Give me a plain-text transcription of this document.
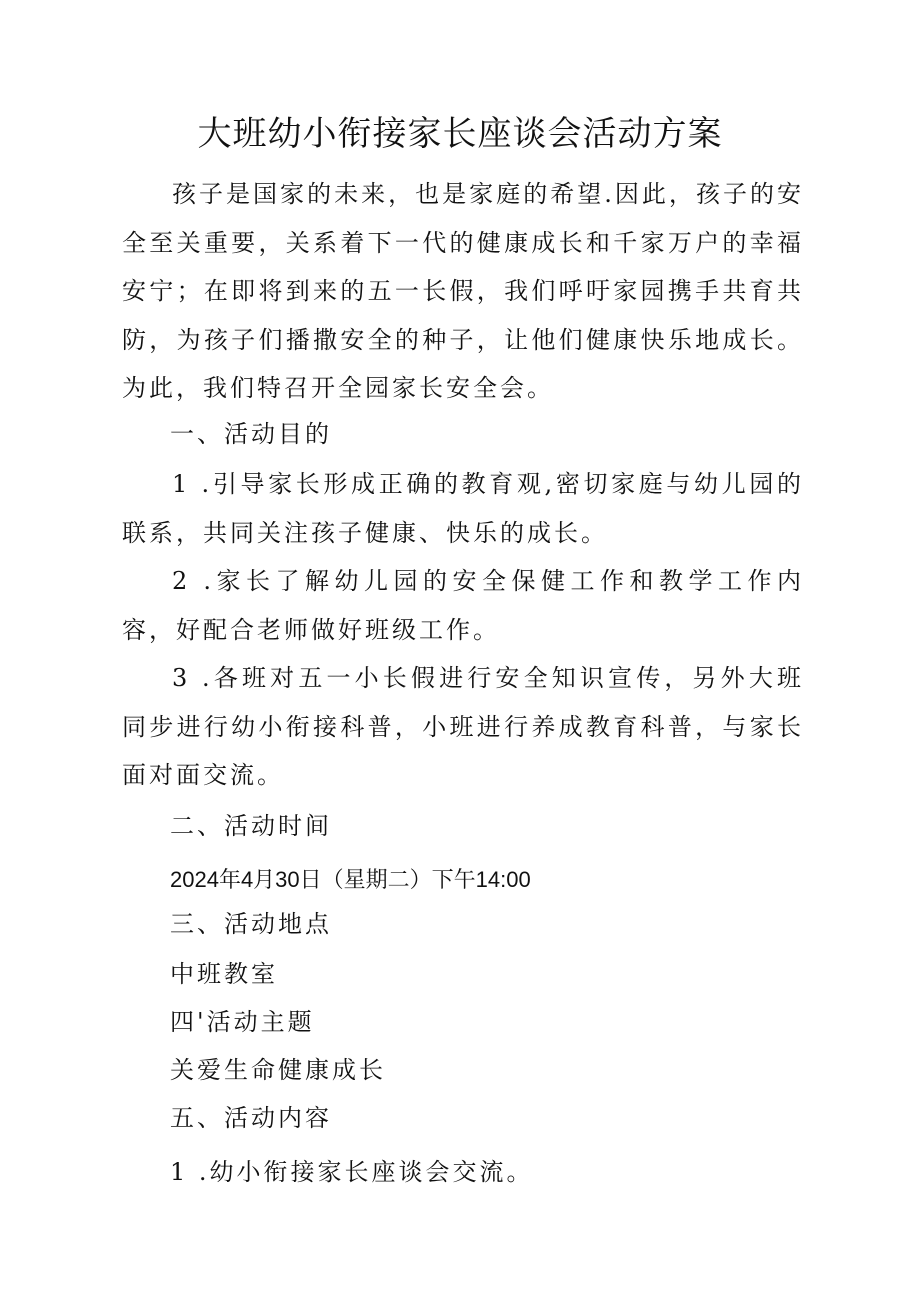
大班幼小衔接家长座谈会活动方案
孩子是国家的未来，也是家庭的希望.因此，孩子的安全至关重要，关系着下一代的健康成长和千家万户的幸福安宁；在即将到来的五一长假，我们呼吁家园携手共育共防，为孩子们播撒安全的种子，让他们健康快乐地成长。为此，我们特召开全园家长安全会。
一、活动目的
1 .引导家长形成正确的教育观,密切家庭与幼儿园的联系，共同关注孩子健康、快乐的成长。
2 .家长了解幼儿园的安全保健工作和教学工作内容，好配合老师做好班级工作。
3 .各班对五一小长假进行安全知识宣传，另外大班同步进行幼小衔接科普，小班进行养成教育科普，与家长面对面交流。
二、活动时间
2024年4月30日（星期二）下午14:00
三、活动地点
中班教室
四'活动主题
关爱生命健康成长
五、活动内容
1 .幼小衔接家长座谈会交流。
